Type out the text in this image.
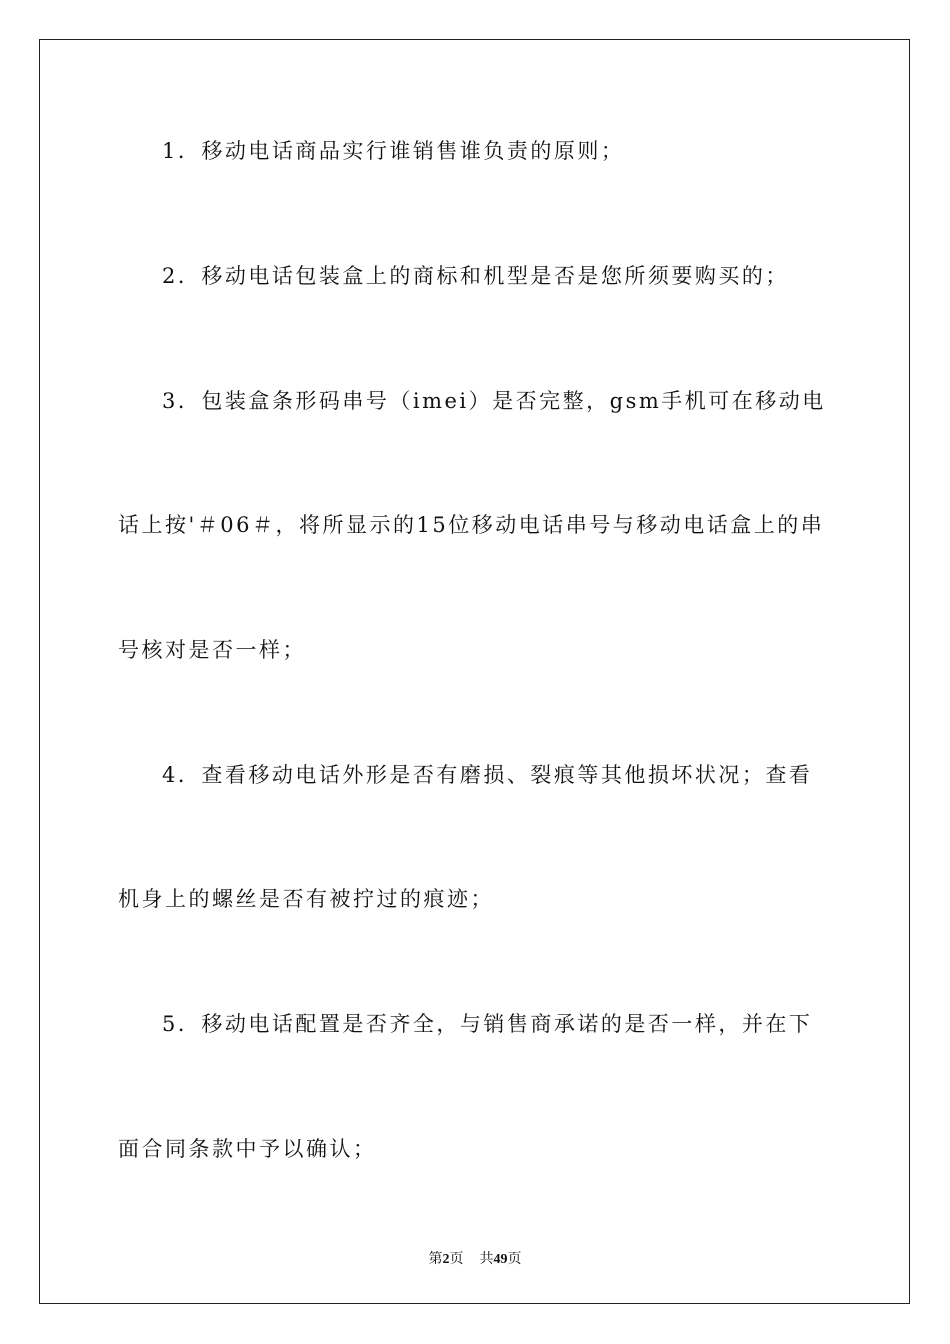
1．移动电话商品实行谁销售谁负责的原则；
2．移动电话包装盒上的商标和机型是否是您所须要购买的；
3．包装盒条形码串号（imei）是否完整，gsm手机可在移动电
话上按'＃06＃，将所显示的15位移动电话串号与移动电话盒上的串
号核对是否一样；
4．查看移动电话外形是否有磨损、裂痕等其他损坏状况；查看
机身上的螺丝是否有被拧过的痕迹；
5．移动电话配置是否齐全，与销售商承诺的是否一样，并在下
面合同条款中予以确认；
第2页 共49页
